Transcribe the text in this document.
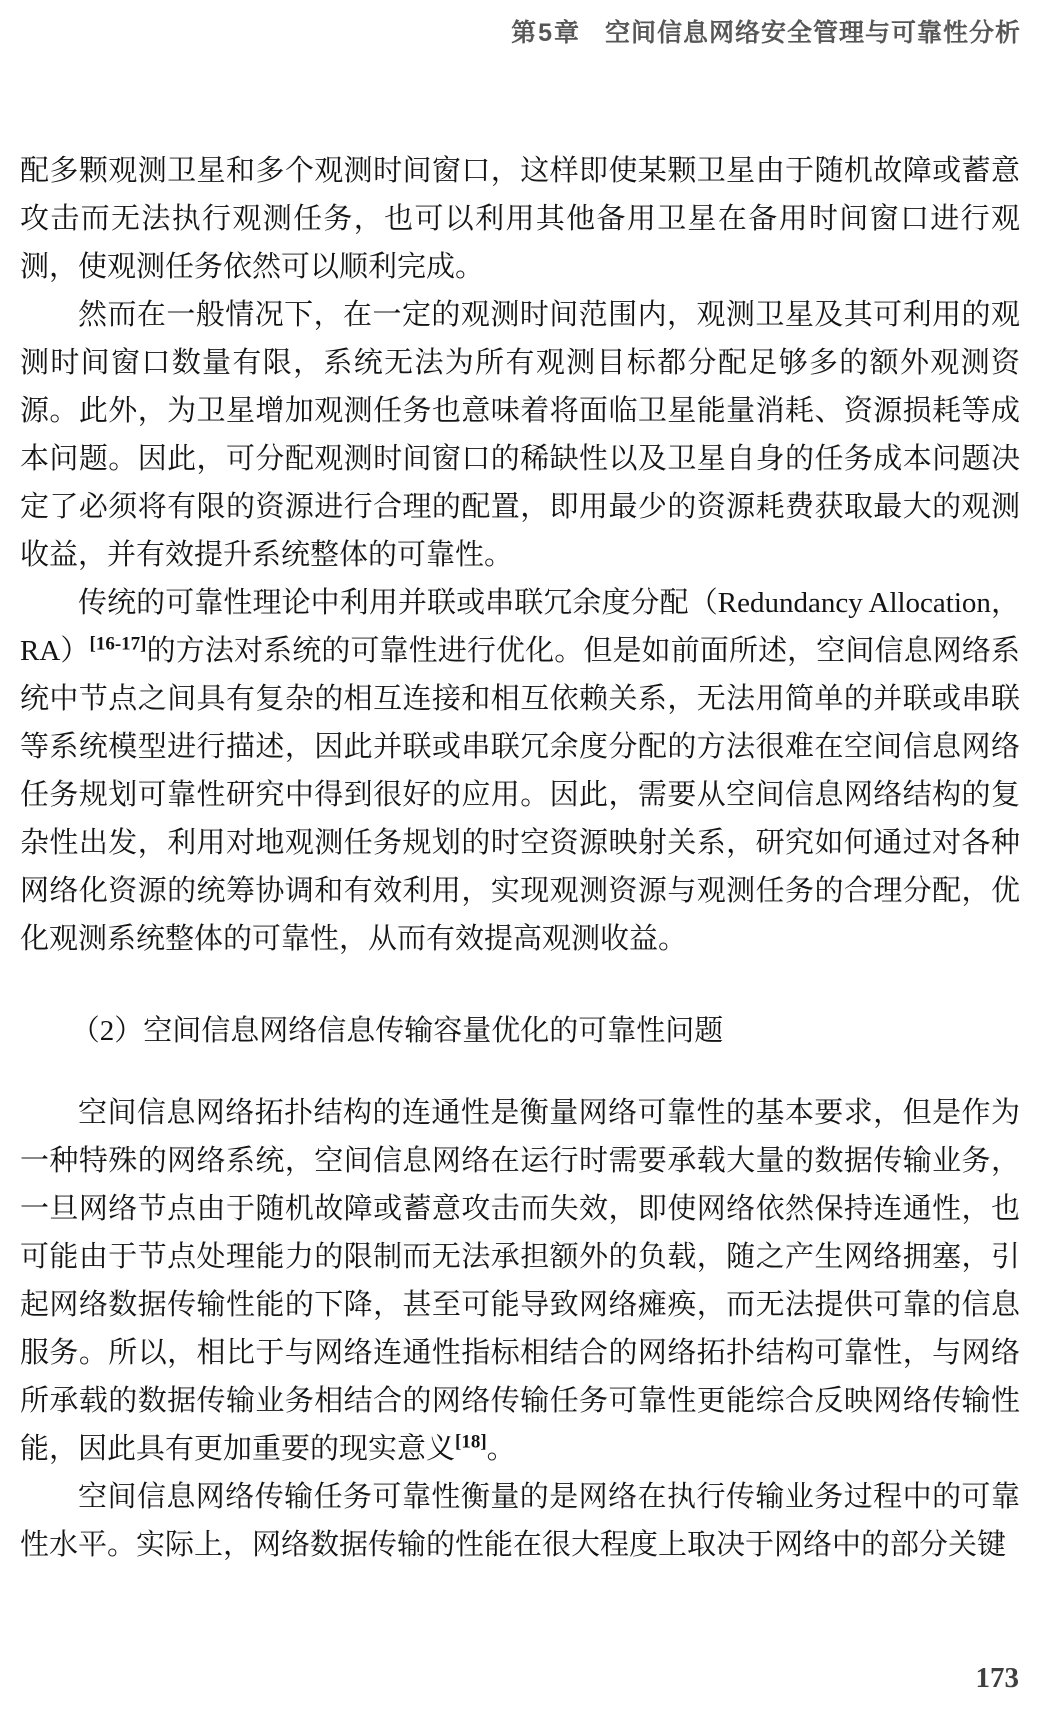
第5章 空间信息网络安全管理与可靠性分析

配多颗观测卫星和多个观测时间窗口，这样即使某颗卫星由于随机故障或蓄意攻击而无法执行观测任务，也可以利用其他备用卫星在备用时间窗口进行观测，使观测任务依然可以顺利完成。

然而在一般情况下，在一定的观测时间范围内，观测卫星及其可利用的观测时间窗口数量有限，系统无法为所有观测目标都分配足够多的额外观测资源。此外，为卫星增加观测任务也意味着将面临卫星能量消耗、资源损耗等成本问题。因此，可分配观测时间窗口的稀缺性以及卫星自身的任务成本问题决定了必须将有限的资源进行合理的配置，即用最少的资源耗费获取最大的观测收益，并有效提升系统整体的可靠性。

传统的可靠性理论中利用并联或串联冗余度分配（Redundancy Allocation，RA）[16-17]的方法对系统的可靠性进行优化。但是如前面所述，空间信息网络系统中节点之间具有复杂的相互连接和相互依赖关系，无法用简单的并联或串联等系统模型进行描述，因此并联或串联冗余度分配的方法很难在空间信息网络任务规划可靠性研究中得到很好的应用。因此，需要从空间信息网络结构的复杂性出发，利用对地观测任务规划的时空资源映射关系，研究如何通过对各种网络化资源的统筹协调和有效利用，实现观测资源与观测任务的合理分配，优化观测系统整体的可靠性，从而有效提高观测收益。

（2）空间信息网络信息传输容量优化的可靠性问题

空间信息网络拓扑结构的连通性是衡量网络可靠性的基本要求，但是作为一种特殊的网络系统，空间信息网络在运行时需要承载大量的数据传输业务，一旦网络节点由于随机故障或蓄意攻击而失效，即使网络依然保持连通性，也可能由于节点处理能力的限制而无法承担额外的负载，随之产生网络拥塞，引起网络数据传输性能的下降，甚至可能导致网络瘫痪，而无法提供可靠的信息服务。所以，相比于与网络连通性指标相结合的网络拓扑结构可靠性，与网络所承载的数据传输业务相结合的网络传输任务可靠性更能综合反映网络传输性能，因此具有更加重要的现实意义[18]。

空间信息网络传输任务可靠性衡量的是网络在执行传输业务过程中的可靠性水平。实际上，网络数据传输的性能在很大程度上取决于网络中的部分关键

173
